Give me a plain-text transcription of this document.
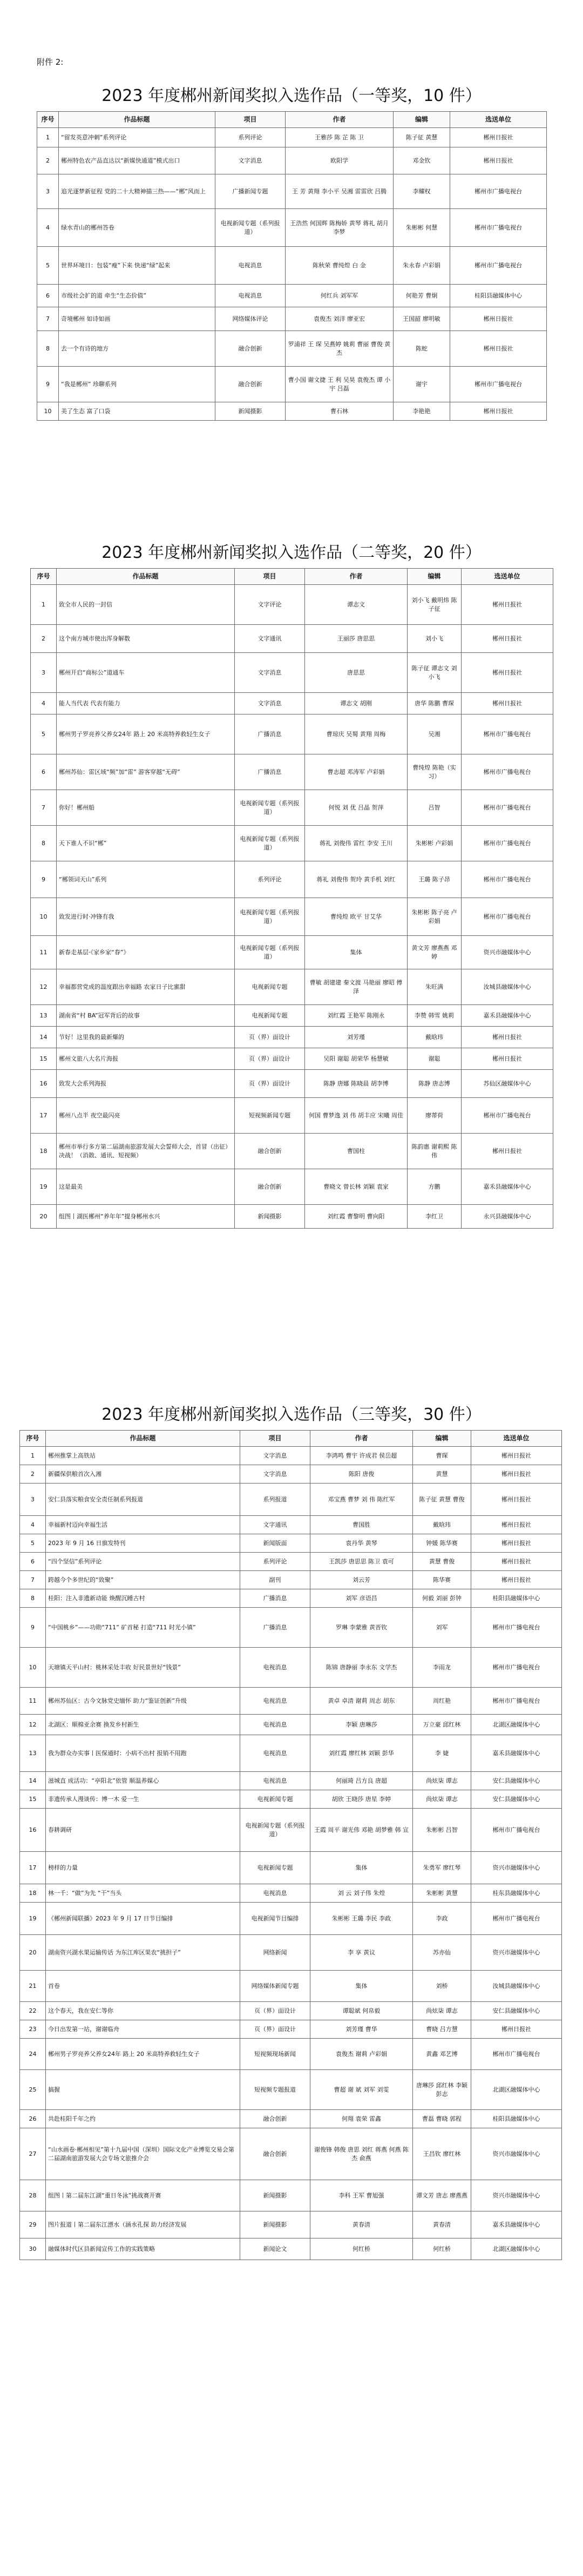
附件 2:
2023 年度郴州新闻奖拟入选作品（一等奖，10 件）
序号	作品标题	项目	作者	编辑	选送单位
1	“留发英意冲刺”系列评论	系列评论	王雅莎 陈 芷 陈 卫	陈子征 黄慧	郴州日报社
2	郴州特色农产品直达以“新媒快通道”模式出口	文字消息	欧阳学	邓金钦	郴州日报社
3	追光逐梦新征程 党的二十大精神描三热——“郴”风而上	广播新闻专题	王 芳 黄翔 李小平 吴湘 雷雷欣 吕腾	李耀权	郴州市广播电视台
4	绿水青山的郴州答卷	电视新闻专题（系列报道）	王浩然 何国辉 陈梅娇 黄琴 蒋礼 胡月 李梦	朱彬彬 何慧	郴州市广播电视台
5	世界环境日：包装“瘦”下来 快递“绿”起来	电视消息	陈秋荣 曹纯煌 白 金	朱永春 卢彩娟	郴州市广播电视台
6	市级社会扩的道 牵生“生态价值”	电视消息	何红兵 刘军军	何艳芳 曹炯	桂阳县融媒体中心
7	奇境郴州 如诗如画	网络媒体评论	袁俊杰 刘洋 廖亚宏	王国韶 廖明敏	郴州日报社
8	去一个有诗的地方	融合创新	罗浦祥 王 琛 吴燕婷 姚莉 曹丽 曹俊 黄杰	陈蛇	郴州日报社
9	“我是郴州” 珍聊系列	融合创新	曹小国 谢文捷 王 利 吴昊 袁俊杰 谭 小宇 吕磊	谢宇	郴州市广播电视台
10	美了生态 富了口袋	新闻摄影	曹石林	李艳艳	郴州日报社
2023 年度郴州新闻奖拟入选作品（二等奖，20 件）
序号	作品标题	项目	作者	编辑	选送单位
1	致全市人民的一封信	文字评论	谭志文	刘小飞 戴明炜 陈子征	郴州日报社
2	这个南方城市使出浑身解数	文字通讯	王丽莎 唐思思	刘小飞	郴州日报社
3	郴州开启“商标公”道通车	文字消息	唐思思	陈子征 谭志文 刘小飞	郴州日报社
4	能人当代表 代表有能力	文字消息	谭志文 胡刚	唐华 陈鹏 曹琛	郴州日报社
5	郴州男子罗亮养父养女24年 路上 20 米高特养救轻生女子	广播消息	曹琼庆 吴蜀 黄翔 周梅	吴湘	郴州市广播电视台
6	郴州苏仙：雷区域“频”加“雷” 游客穿越“无碍”	广播消息	曹志超 邓涛军 卢彩娟	曹纯煌 陈艳（实习）	郴州市广播电视台
7	你好！郴州船	电视新闻专题（系列报道）	何悦 刘 优 吕晶 贺萍	吕智	郴州市广播电视台
8	天下谁人不识“郴”	电视新闻专题（系列报道）	蒋礼 刘俊伟 雷红 李安 王川	朱彬彬 卢彩娟	郴州市广播电视台
9	“郴领词天山”系列	系列评论	蒋礼 刘俊伟 贺玲 黄手机 刘红	王璐 陈子昂	郴州市广播电视台
10	致发进行时·冲锋有我	电视新闻专题（系列报道）	曹纯煌 欧平 甘艾华	朱彬彬 陈子亮 卢彩娟	郴州市广播电视台
11	新春走基层·《家乡家“春”》	电视新闻专题（系列报道）	集体	黄文芳 廖燕燕 邓婷	资兴市融媒体中心
12	幸福都营党成的温度跟出幸福路 农家日子比蜜甜	电视新闻专题	曹敏 胡建建 秦文渡 马艳丽 廖昭 傅泽	朱旺满	汝城县融媒体中心
13	湖南省“村 BA”冠军背后的故事	电视新闻专题	刘红霞 王艳军 陈刚永	李赞 韩雪 姚莉	嘉禾县融媒体中心
14	节好！这里我的最新爆的	页（界）面设计	刘芳瑾	戴晗玮	郴州日报社
15	郴州文旅八大名片海报	页（界）面设计	吴阳 谢聪 胡荣华 杨慧敏	谢聪	郴州日报社
16	致发大会系列海报	页（界）面设计	陈静 唐娜 陈晓晨 胡李博	陈静 唐志博	苏仙区融媒体中心
17	郴州八点半 夜空最闪亮	短视频新闻专题	何国 曹梦逸 刘 伟 胡丰应 宋曦 周佳	廖蒂荷	郴州市广播电视台
18	郴州市举行多方第二届湖南旅游发展大会誓师大会，首冒（出征）决战！（消散、通讯、短视频）	融合创新	曹国柱	陈韵惠 谢莉熙 陈伟	郴州日报社
19	这是最美	融合创新	曹晓文 曾长林 刘颖 袁家	方鹏	嘉禾县融媒体中心
20	组图丨湖医郴州“养年年”提身郴州水兴	新闻摄影	刘红霞 曹黎明 曹向阳	李红卫	永兴县融媒体中心
2023 年度郴州新闻奖拟入选作品（三等奖，30 件）
序号	作品标题	项目	作者	编辑	选送单位
1	郴州推掌上高铁站	文字消息	李鸿鸣 曹宇 许成君 侯岳超	曹琛	郴州日报社
2	新疆保供粮首次入湘	文字消息	陈阳 唐俊	黄慧	郴州日报社
3	安仁县落实粮食安全责任制系列报道	系列报道	邓宝燕 曹梦 刘 伟 陈红军	陈子征 黄慧 曹俊	郴州日报社
4	幸福新村迈向幸福生活	文字通讯	曹国胜	戴晗玮	郴州日报社
5	2023 年 9 月 16 日旗发特刊	新闻版面	袁丹华 黄琴	钟媛 陈华赛	郴州日报社
6	“四个坚信”系列评论	系列评论	王凯莎 唐思思 陈卫 袁可	黄慧 曹俊	郴州日报社
7	跨越今个多世纪的“致聚”	副刊	刘云芳	陈华赛	郴州日报社
8	桂阳：注入非遗新动能 焕醒沉睡古村	广播消息	刘军 彦语昌	何毅 刘丽 彭钟	桂阳县融媒体中心
9	“中国桃乡”——功勋“711” 矿首秘 打造“711 时光小镇”	广播消息	罗琳 李蒙雅 黄晋钦	刘军	郴州市广播电视台
10	天塘镇天平山村：桃林采处丰收 好民景世好“钱景”	电视消息	陈锦 唐静丽 李永东 文学杰	李雨龙	郴州市广播电视台
11	郴州苏仙区：古今文脉党史缅怀 助力“鉴证创新”升级	电视消息	黄卓 卓清 谢莉 周志 胡东	周红艳	郴州市广播电视台
12	北湖区：顺棉亚余赛 换发乡村新生	电视消息	李颖 唐琳莎	万立豪 邱红林	北湖区融媒体中心
13	我为群众办实事丨医保通时：小病不出村 报销不用跑	电视消息	刘红霞 廖红林 刘颖 彭华	李 婕	嘉禾县融媒体中心
14	滋城直 成活功：“亭阳北”依管 顺温养媒心	电视消息	何丽琦 吕方良 唐超	尚炫柒 谭志	安仁县融媒体中心
15	非遗传承人漫谈传：博一木 爱一生	电视新闻专题	胡欣 王晓莎 唐星 李婷	尚炫柒 谭志	安仁县融媒体中心
16	春耕调研	电视新闻专题（系列报道）	王霞 周平 谢光伟 邓艳 胡梦雅 韩 宣	朱彬彬 吕智	郴州市广播电视台
17	榜样的力量	电视新闻专题	集体	朱勇军 廖红琴	资兴市融媒体中心
18	林一千：“做”为先 “干”当头	电视消息	刘 云 刘子伟 朱煌	朱彬彬 黄慧	桂东县融媒体中心
19	《郴州新闻联播》2023 年 9 月 17 日节目编排	电视新闻节目编排	朱彬彬 王璐 李民 李政	李政	郴州市广播电视台
20	湖南资兴湖水果运输传话 为东江库区果农“挑担子”	网络新闻	李 享 黄议	苏亦仙	资兴市融媒体中心
21	首卷	网络媒体新闻专题	集体	刘桥	汝城县融媒体中心
22	这个春天，我在安仁等你	页（界）面设计	谭聪斌 何帛毅	尚炫柒 谭志	安仁县融媒体中心
23	今日出发第一站，谢谢临舟	页（界）面设计	刘芳瑾 曹华	曹晓 吕方慧	郴州日报社
24	郴州男子罗亮养父养女24年 路上 20 米高特养救轻生女子	短视频现场新闻	袁俊杰 谢莉 卢彩娟	黄鑫 邓艺博	郴州市广播电视台
25	搞握	短视频专题报道	曹超 谢 斌 刘军 刘雯	唐琳莎 邱红林 李颖 彭志	北湖区融媒体中心
26	共赴桂阳千年之约	融合创新	何翔 袁荣 雷鑫	曹磊 曹晓 郭程	桂阳县融媒体中心
27	“山水画卷·郴州相见”第十九届中国（深圳）国际文化产业博览交易会第二届湖南旅游发展大会专场文旅推介会	融合创新	谢俊锋 韩俊 唐思 刘红 蒋燕 何燕 陈杰 俞燕	王昌钦 廖红林	资兴市融媒体中心
28	组图丨第二届东江湖“重日冬泳”挑战赛开赛	新闻摄影	李科 王军 曹旭强	谭文芳 唐志 廖燕燕	资兴市融媒体中心
29	图片报道丨第二届东江漂水（涵水孔探 助力经济发展	新闻摄影	黄春清	黄春清	嘉禾县融媒体中心
30	融媒体时代区县新闻宣传工作的实践策略	新闻论文	何红桥	何红桥	北湖区融媒体中心
